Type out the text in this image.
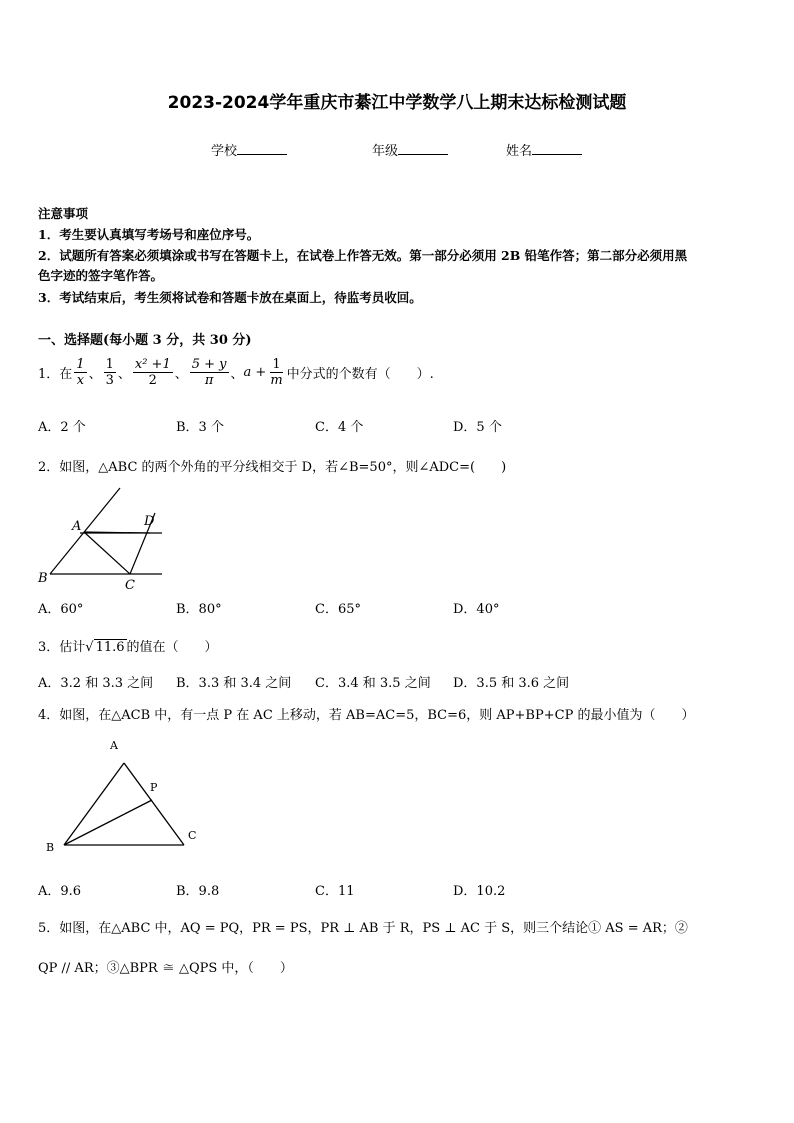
2023-2024学年重庆市綦江中学数学八上期末达标检测试题
学校	年级	姓名
注意事项
1．考生要认真填写考场号和座位序号。
2．试题所有答案必须填涂或书写在答题卡上，在试卷上作答无效。第一部分必须用 2B 铅笔作答；第二部分必须用黑
色字迹的签字笔作答。
3．考试结束后，考生须将试卷和答题卡放在桌面上，待监考员收回。
一、选择题(每小题 3 分，共 30 分)
1．在 $\frac{1}{x}$ 、 $\frac{1}{3}$ 、 $\frac{\text{x² +1}}{2}$ 、 $\frac{5 + y}{\pi}$ 、 $a + \frac{1}{m}$ 中分式的个数有（　　）.
A．2 个	B．3 个	C．4 个	D．5 个
2．如图，△ABC 的两个外角的平分线相交于 D，若∠B=50°，则∠ADC=(　　)
A	D
B	C
A．60°	B．80°	C．65°	D．40°
3．估计√ 11.6 的值在（　　）
A．3.2 和 3.3 之间 B．3.3 和 3.4 之间 C．3.4 和 3.5 之间 D．3.5 和 3.6 之间
4．如图，在△ACB 中，有一点 P 在 AC 上移动，若 AB=AC=5，BC=6，则 AP+BP+CP 的最小值为（　　）
A
P
B
C
A．9.6	B．9.8	C．11	D．10.2
5．如图，在△ABC 中，AQ = PQ，PR = PS，PR ⊥ AB 于 R，PS ⊥ AC 于 S，则三个结论① AS = AR；②
QP // AR；③△BPR ≅ △QPS 中，（　　）
